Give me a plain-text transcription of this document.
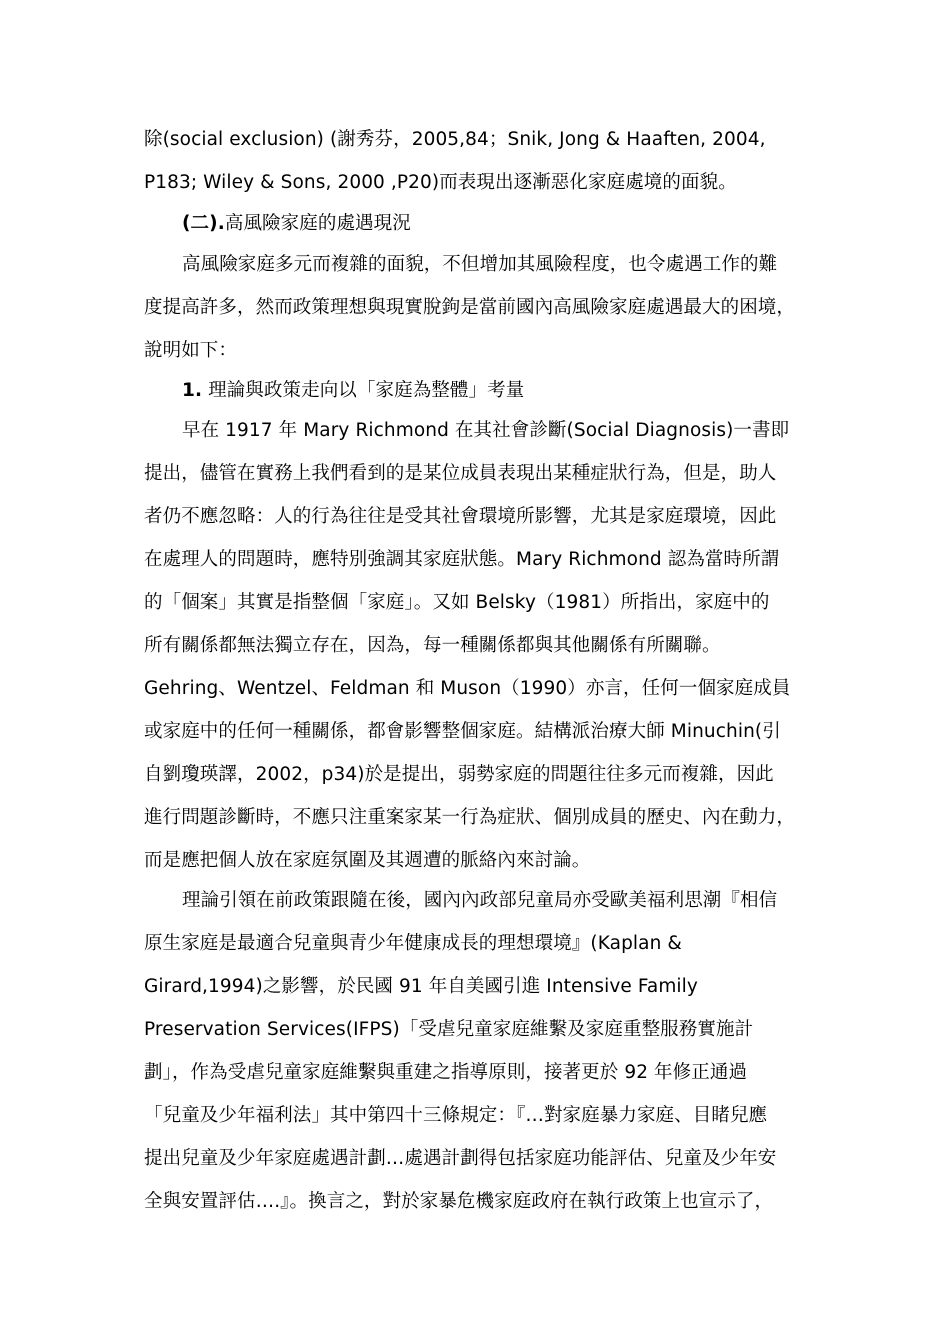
除(social exclusion) (謝秀芬，2005,84；Snik, Jong & Haaften, 2004,
P183; Wiley & Sons, 2000 ,P20)而表現出逐漸惡化家庭處境的面貌。
(二).高風險家庭的處遇現況
高風險家庭多元而複雜的面貌，不但增加其風險程度，也令處遇工作的難
度提高許多，然而政策理想與現實脫鉤是當前國內高風險家庭處遇最大的困境，
說明如下：
1. 理論與政策走向以「家庭為整體」考量
早在 1917 年 Mary Richmond 在其社會診斷(Social Diagnosis)一書即
提出，儘管在實務上我們看到的是某位成員表現出某種症狀行為，但是，助人
者仍不應忽略：人的行為往往是受其社會環境所影響，尤其是家庭環境，因此
在處理人的問題時，應特別強調其家庭狀態。Mary Richmond 認為當時所謂
的「個案」其實是指整個「家庭」。又如 Belsky（1981）所指出，家庭中的
所有關係都無法獨立存在，因為，每一種關係都與其他關係有所關聯。
Gehring、Wentzel、Feldman 和 Muson（1990）亦言，任何一個家庭成員
或家庭中的任何一種關係，都會影響整個家庭。結構派治療大師 Minuchin(引
自劉瓊瑛譯，2002，p34)於是提出，弱勢家庭的問題往往多元而複雜，因此
進行問題診斷時，不應只注重案家某一行為症狀、個別成員的歷史、內在動力，
而是應把個人放在家庭氛圍及其週遭的脈絡內來討論。
理論引領在前政策跟隨在後，國內內政部兒童局亦受歐美福利思潮『相信
原生家庭是最適合兒童與青少年健康成長的理想環境』(Kaplan &
Girard,1994)之影響，於民國 91 年自美國引進 Intensive Family
Preservation Services(IFPS)「受虐兒童家庭維繫及家庭重整服務實施計
劃」，作為受虐兒童家庭維繫與重建之指導原則，接著更於 92 年修正通過
「兒童及少年福利法」其中第四十三條規定：『…對家庭暴力家庭、目睹兒應
提出兒童及少年家庭處遇計劃…處遇計劃得包括家庭功能評估、兒童及少年安
全與安置評估….』。換言之，對於家暴危機家庭政府在執行政策上也宣示了，
